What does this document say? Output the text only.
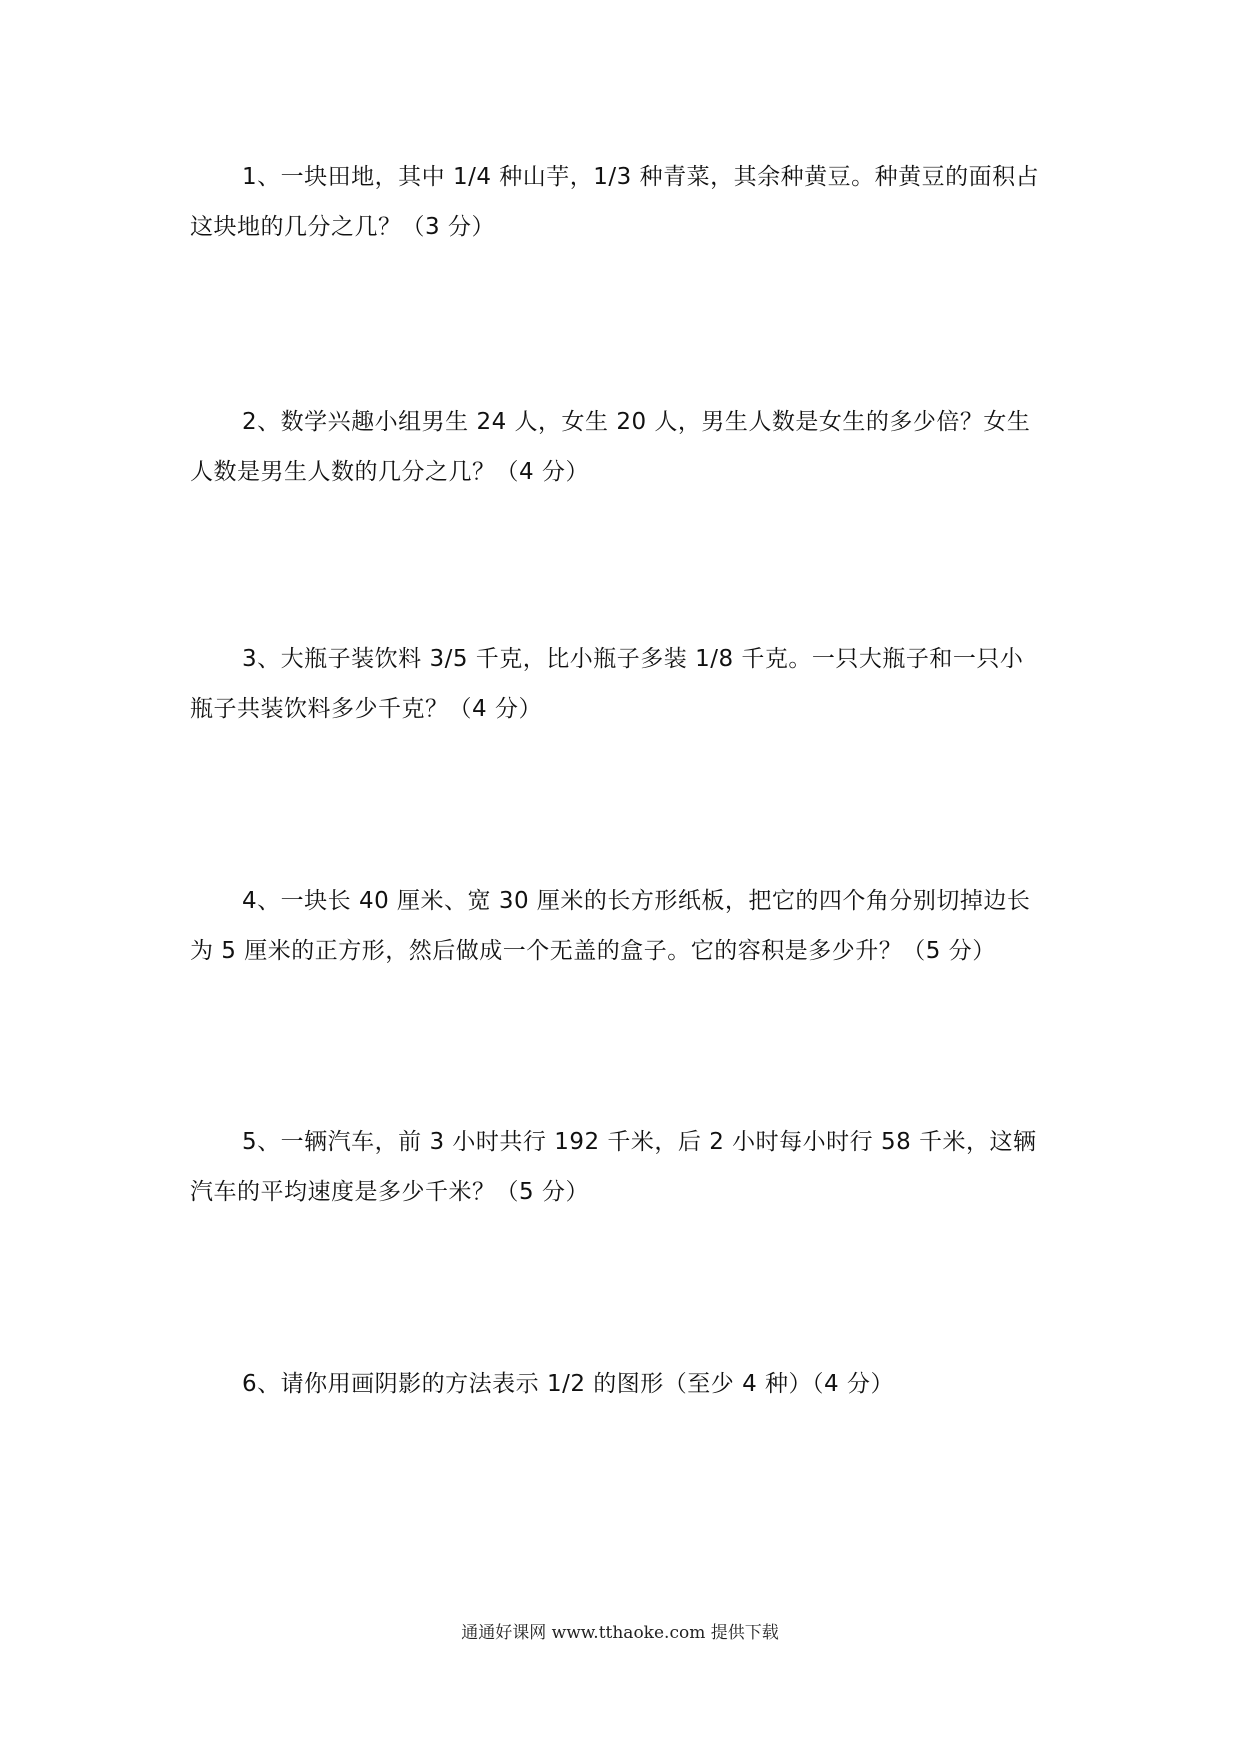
1、一块田地，其中 1/4 种山芋，1/3 种青菜，其余种黄豆。种黄豆的面积占

这块地的几分之几？（3 分）

2、数学兴趣小组男生 24 人，女生 20 人，男生人数是女生的多少倍？女生

人数是男生人数的几分之几？（4 分）

3、大瓶子装饮料 3/5 千克，比小瓶子多装 1/8 千克。一只大瓶子和一只小

瓶子共装饮料多少千克？（4 分）

4、一块长 40 厘米、宽 30 厘米的长方形纸板，把它的四个角分别切掉边长

为 5 厘米的正方形，然后做成一个无盖的盒子。它的容积是多少升？（5 分）

5、一辆汽车，前 3 小时共行 192 千米，后 2 小时每小时行 58 千米，这辆

汽车的平均速度是多少千米？（5 分）

6、请你用画阴影的方法表示 1/2 的图形（至少 4 种）（4 分）

通通好课网 www.tthaoke.com 提供下载
